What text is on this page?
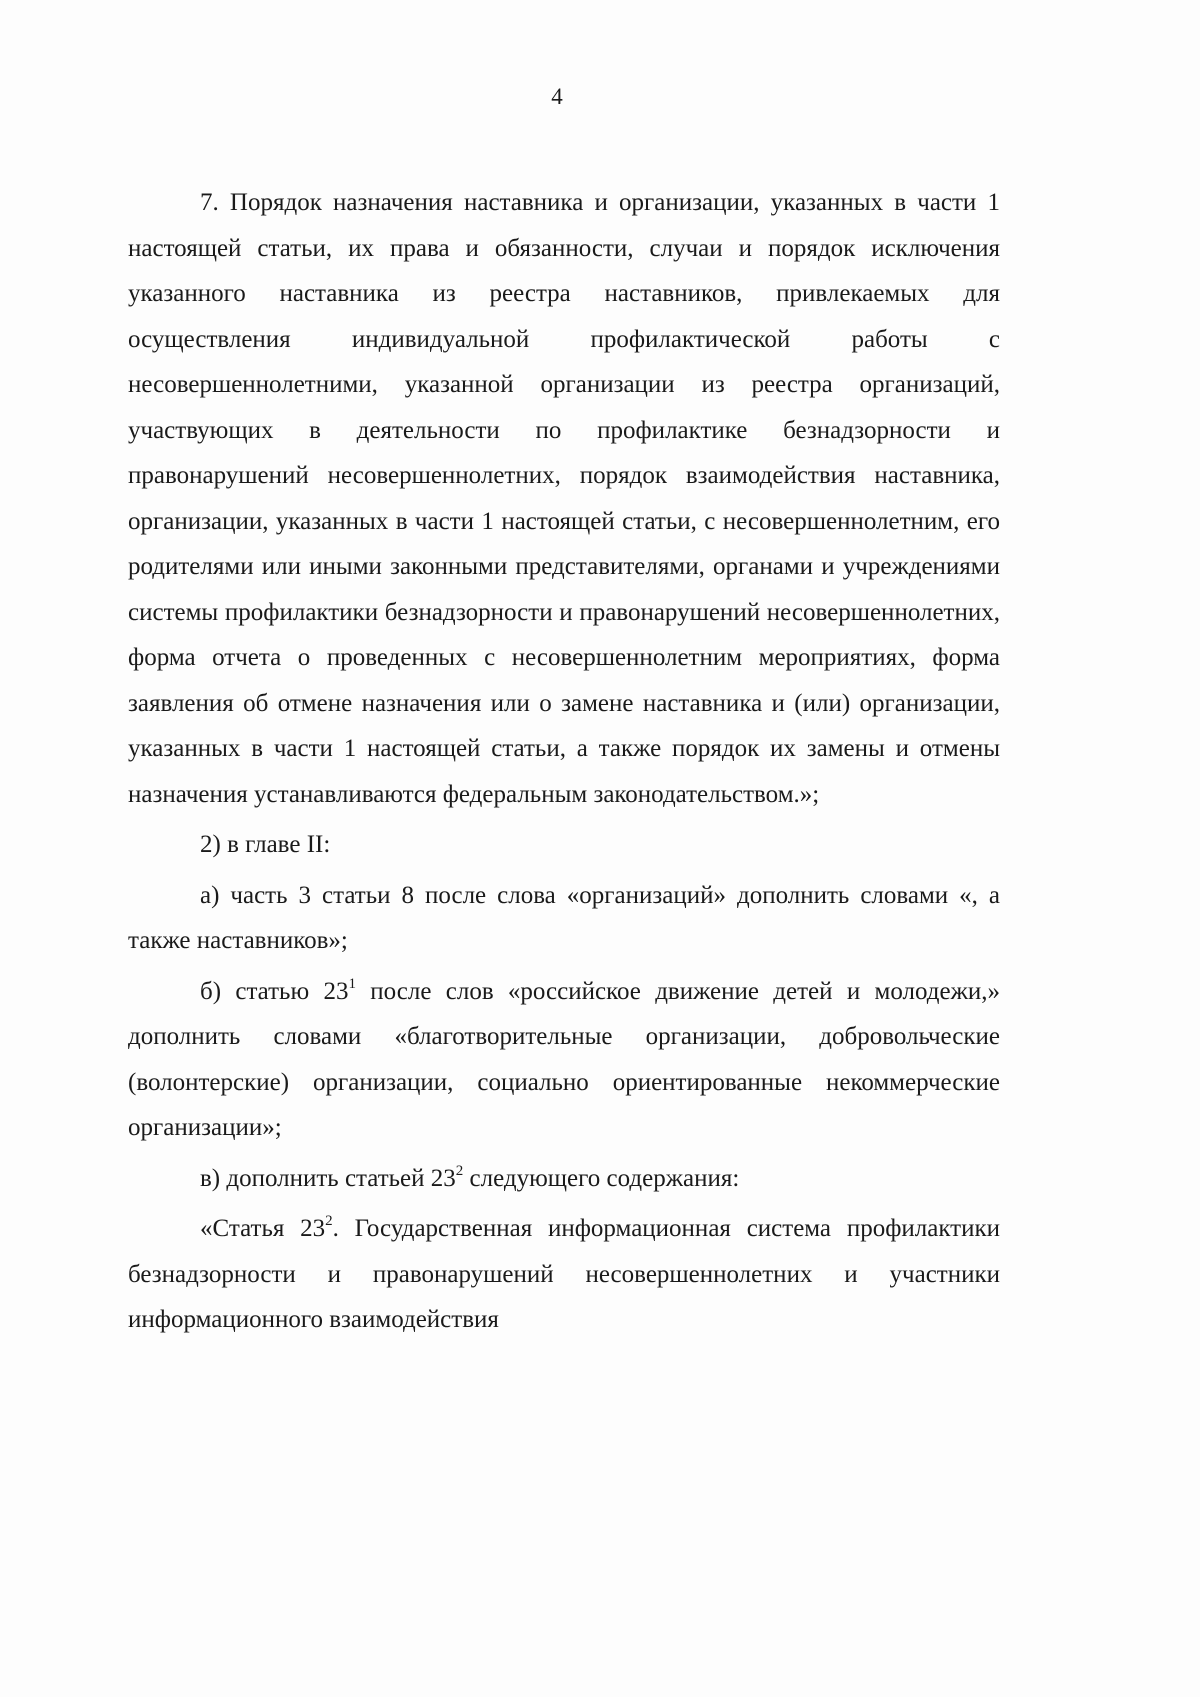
4

7. Порядок назначения наставника и организации, указанных в части 1 настоящей статьи, их права и обязанности, случаи и порядок исключения указанного наставника из реестра наставников, привлекаемых для осуществления индивидуальной профилактической работы с несовершеннолетними, указанной организации из реестра организаций, участвующих в деятельности по профилактике безнадзорности и правонарушений несовершеннолетних, порядок взаимодействия наставника, организации, указанных в части 1 настоящей статьи, с несовершеннолетним, его родителями или иными законными представителями, органами и учреждениями системы профилактики безнадзорности и правонарушений несовершеннолетних, форма отчета о проведенных с несовершеннолетним мероприятиях, форма заявления об отмене назначения или о замене наставника и (или) организации, указанных в части 1 настоящей статьи, а также порядок их замены и отмены назначения устанавливаются федеральным законодательством.»;

2) в главе II:

а) часть 3 статьи 8 после слова «организаций» дополнить словами «, а также наставников»;

б) статью $23^1$ после слов «российское движение детей и молодежи,» дополнить словами «благотворительные организации, добровольческие (волонтерские) организации, социально ориентированные некоммерческие организации»;

в) дополнить статьей $23^2$ следующего содержания:

«Статья $23^2$. Государственная информационная система профилактики безнадзорности и правонарушений несовершеннолетних и участники информационного взаимодействия
